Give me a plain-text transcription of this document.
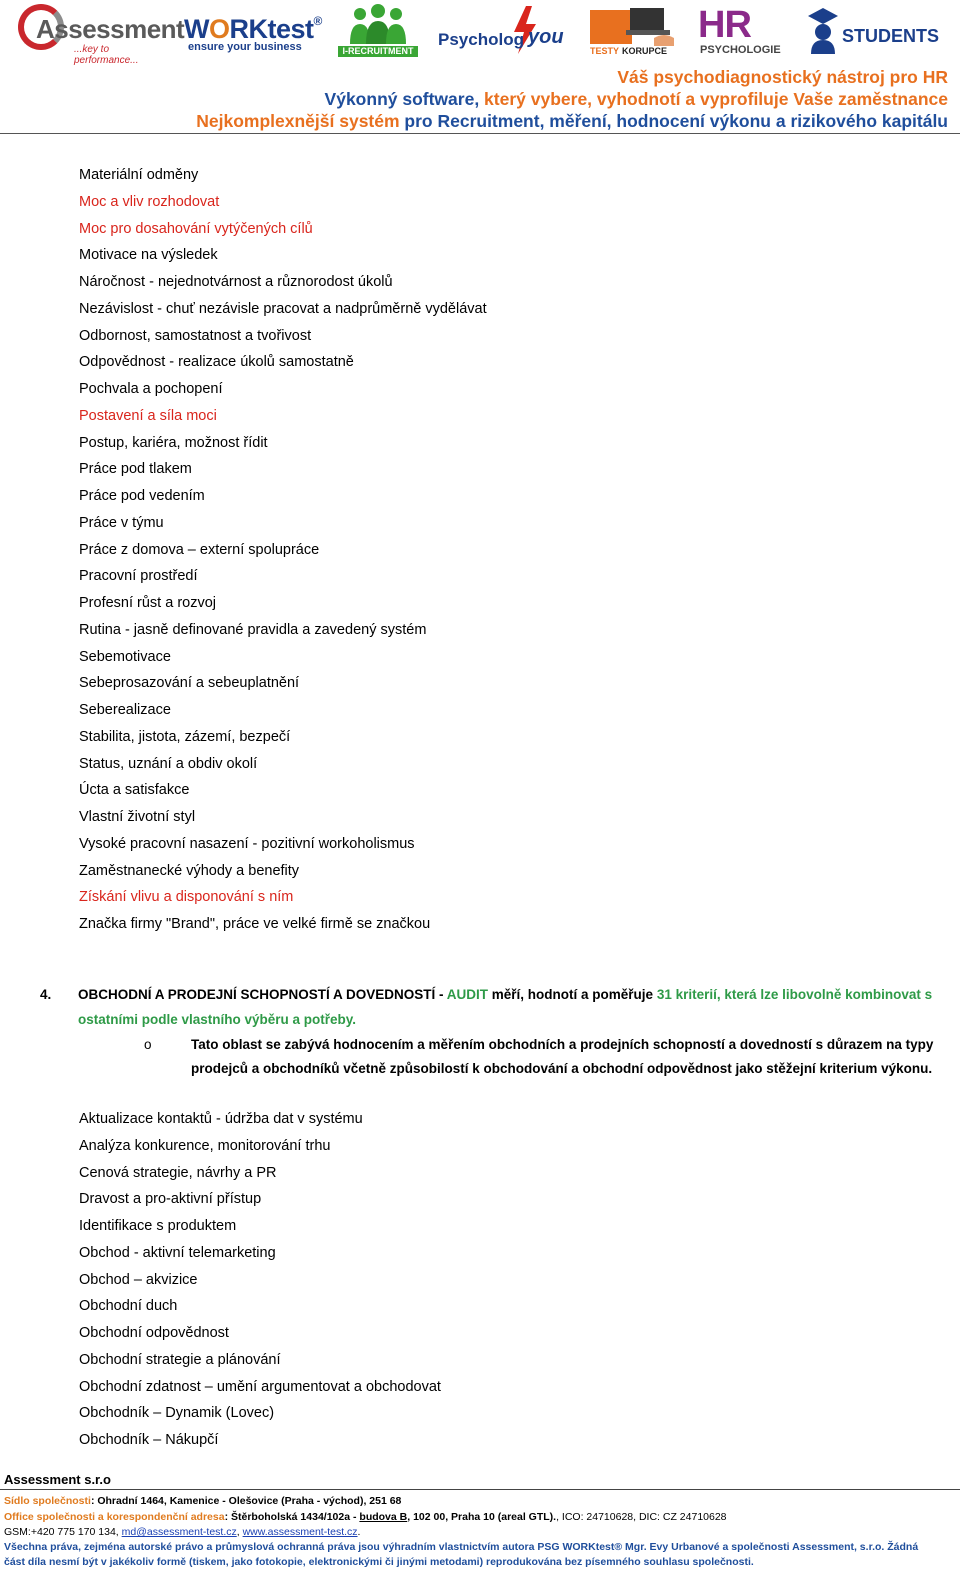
Assessment
...key to performance...
WORKtest®
ensure your business	I-RECRUITMENT
Psycholog you
TESTY KORUPCE
HR
PSYCHOLOGIE
STUDENTS
Váš psychodiagnostický nástroj pro HR
Výkonný software, který vybere, vyhodnotí a vyprofiluje Vaše zaměstnance
Nejkomplexnější systém pro Recruitment, měření, hodnocení výkonu a rizikového kapitálu
Materiální odměny
Moc a vliv rozhodovat
Moc pro dosahování vytýčených cílů
Motivace na výsledek
Náročnost - nejednotvárnost a různorodost úkolů
Nezávislost - chuť nezávisle pracovat a nadprůměrně vydělávat
Odbornost, samostatnost a tvořivost
Odpovědnost - realizace úkolů samostatně
Pochvala a pochopení
Postavení a síla moci
Postup, kariéra, možnost řídit
Práce pod tlakem
Práce pod vedením
Práce v týmu
Práce z domova – externí spolupráce
Pracovní prostředí
Profesní růst a rozvoj
Rutina - jasně definované pravidla a zavedený systém
Sebemotivace
Sebeprosazování a sebeuplatnění
Seberealizace
Stabilita, jistota, zázemí, bezpečí
Status, uznání a obdiv okolí
Úcta a satisfakce
Vlastní životní styl
Vysoké pracovní nasazení - pozitivní workoholismus
Zaměstnanecké výhody a benefity
Získání vlivu a disponování s ním
Značka firmy "Brand", práce ve velké firmě se značkou
4. OBCHODNÍ A PRODEJNÍ SCHOPNOSTÍ A DOVEDNOSTÍ - AUDIT měří, hodnotí a poměřuje 31 kriterií, která lze libovolně kombinovat s
ostatními podle vlastního výběru a potřeby.
o	Tato oblast se zabývá hodnocením a měřením obchodních a prodejních schopností a dovedností s důrazem na typy prodejců a obchodníků včetně způsobilostí k obchodování a obchodní odpovědnost jako stěžejní kriterium výkonu.
Aktualizace kontaktů - údržba dat v systému
Analýza konkurence, monitorování trhu
Cenová strategie, návrhy a PR
Dravost a pro-aktivní přístup
Identifikace s produktem
Obchod - aktivní telemarketing
Obchod – akvizice
Obchodní duch
Obchodní odpovědnost
Obchodní strategie a plánování
Obchodní zdatnost – umění argumentovat a obchodovat
Obchodník – Dynamik (Lovec)
Obchodník – Nákupčí
Assessment s.r.o
Sídlo společnosti: Ohradní 1464, Kamenice - Olešovice (Praha - východ), 251 68
Office společnosti a korespondenční adresa: Štěrboholská 1434/102a - budova B, 102 00, Praha 10 (areal GTL)., ICO: 24710628, DIC: CZ 24710628
GSM:+420 775 170 134, md@assessment-test.cz, www.assessment-test.cz.
Všechna práva, zejména autorské právo a průmyslová ochranná práva jsou výhradním vlastnictvím autora PSG WORKtest® Mgr. Evy Urbanové a společnosti Assessment, s.r.o. Žádná
část díla nesmí být v jakékoliv formě (tiskem, jako fotokopie, elektronickými či jinými metodami) reprodukována bez písemného souhlasu společnosti.
